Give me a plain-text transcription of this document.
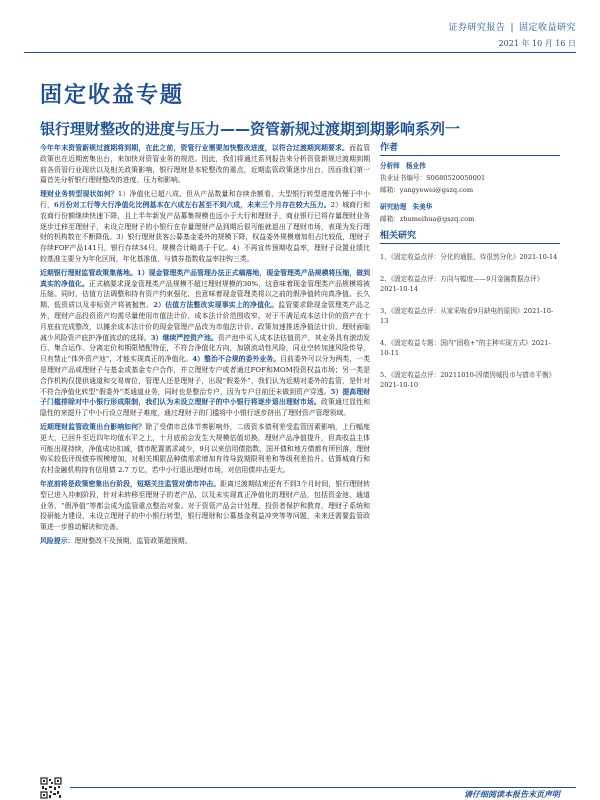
证券研究报告 | 固定收益研究
2021 年 10 月 16 日
固定收益专题
银行理财整改的进度与压力——资管新规过渡期到期影响系列一

今年年末资管新规过渡期将到期，在此之前，资管行业需要加快整改进度，以符合过渡期到期要求。而监管政策也在近期密集出台，来加快对资管业务的规范。因此，我们将通过系列报告来分析资管新规过渡期到期前各资管行业现状以及相关政策影响，银行理财是本轮整改的重点，近期监管政策逐步出台，因而我们第一篇首先分析银行理财整改的进度、压力和影响。

理财业务转型现状如何？1）净值化已超八成，但从产品数量和存续余额看，大型银行转型进度仍慢于中小行，6月份对工行等大行净值化比例基本在六成左右甚至不到六成，未来三个月存在较大压力。2）城商行和农商行份额继续快速下降，且上半年新发产品募集规模也远小于大行和理财子，商业银行已将存量理财业务逐步迁移至理财子，未设立理财子的小银行在存量理财产品到期后很可能就退出了理财市场，表现为发行理财的机构数在不断降低。3）银行理财获客公募基金委外的规模下降，权益委外规模增加但占比较低，理财子存续FOF产品141只，银行存续34只，规模合计略高于千亿。4）不再宣传预期收益率，理财子设置业绩比较基准主要分为年化区间，年化基准值，与债券指数收益率挂钩三类。

近期银行理财监管政策集落地。1）现金管理类产品管理办法正式稿落地，现金管理类产品规模将压缩，做到真实的净值化。正式稿要求现金管理类产品规模不超过理财规模的30%，这意味着现金管理类产品规模将被压缩。同时，估值方法调整和持有资产约束强化，也意味着现金管理类将以之前的假净值转向真净值。长久期、低资质以及非标资产将被抛售。2）估值方法整改实现事实上的净值化。监管要求除现金管理类产品之外，理财产品投资资产均需尽量使用市值法计价，成本法计价范围收窄。对于不满足成本法计价的资产在十月底前完成整改，以摊余成本法计价的现金管理产品改为市值法计价。政策加速推进净值法计价，理财面临减少风险资产庇护净值波动的选择。3）继续严控资产池。资产池中买入成本法估值资产，其业务具有滚动发行、集合运作、分离定价和期限错配特征，不符合净值化方向，加剧流动性风险，同业空转加速风险传导，只有禁止“体外资产池”，才能实现真正的净值化。4）整治不合规的委外业务。目前委外可以分为两类，一类是理财产品或理财子与基金或基金专户合作，并立理财专户或者通过FOF和MOM投资权益市场；另一类是合作机构仅提供通道和交易席位，管理人还是理财子，出现“假委外”，我们认为近期对委外的监管，是针对不符合净值化转型“假委外”类通道业务，同时也是整治专户，因为专户目前还未做到资产穿透。5）提高理财子门槛排除对中小银行形成限制，我们认为未设立理财子的中小银行将逐步退出理财市场。政策通过显性和隐性的来提升了中小行设立理财子难度，通过理财子的门槛将中小银行逐步挤出了理财资产管理领域。

近期理财监管政策出台影响如何？除了受债市总体节奏影响外，二级资本债利差受监管因素影响，上行幅度更大，已回升至近四年均值水平之上，十月底前会发生大规模估值切换，理财产品净值提升，但高收益主体可能出现持续，净值成功扣减，债市配置需求减少，9月以来信用债指数、国开债和地方债都有所回落，理财购买较低评级债券规模增加，对相关期限品种债需求增加有待导致期限利差和等级利差抬升。估算城商行和农村金融机构持有信用债 2.7 万亿，若中小行退出理财市场，对信用债冲击更大。

年底前将是政策密集出台阶段，短期关注监管对债市冲击。距离过渡期结束还有不到3个月时间，银行理财转型已进入冲刺阶段，针对未转移至理财子的老产品，以及未实现真正净值化的理财产品，包括资金池、通道业务、“假净值”等都会成为监管重点整治对象。对于资管产品会计处理、投资者保护和教育，理财子系统和投研能力建设，未设立理财子的中小银行转型，银行理财和公募基金利益冲突等等问题，未来还需要监管政策进一步推动解决和完善。

风险提示：理财整改不及预期，监管政策超预期。

作者
分析师 杨业伟
执业证书编号：S0680520050001
邮箱：yangyewei@gszq.com
研究助理 朱美华
邮箱：zhumeihua@gszq.com
相关研究
1、《固定收益点评：分化的通胀，待很然分化》2021-10-14
2、《固定收益点评：方向与幅度——9月金融数据点评》2021-10-14
3、《固定收益点评：从家采购看9月缺电的原因》2021-10-13
4、《固定收益专题：国内“固收+”的主种实现方式》2021-10-11
5、《固定收益点评：20211010-因债因城投市与债市平衡》2021-10-10
请仔细阅读本报告末页声明
